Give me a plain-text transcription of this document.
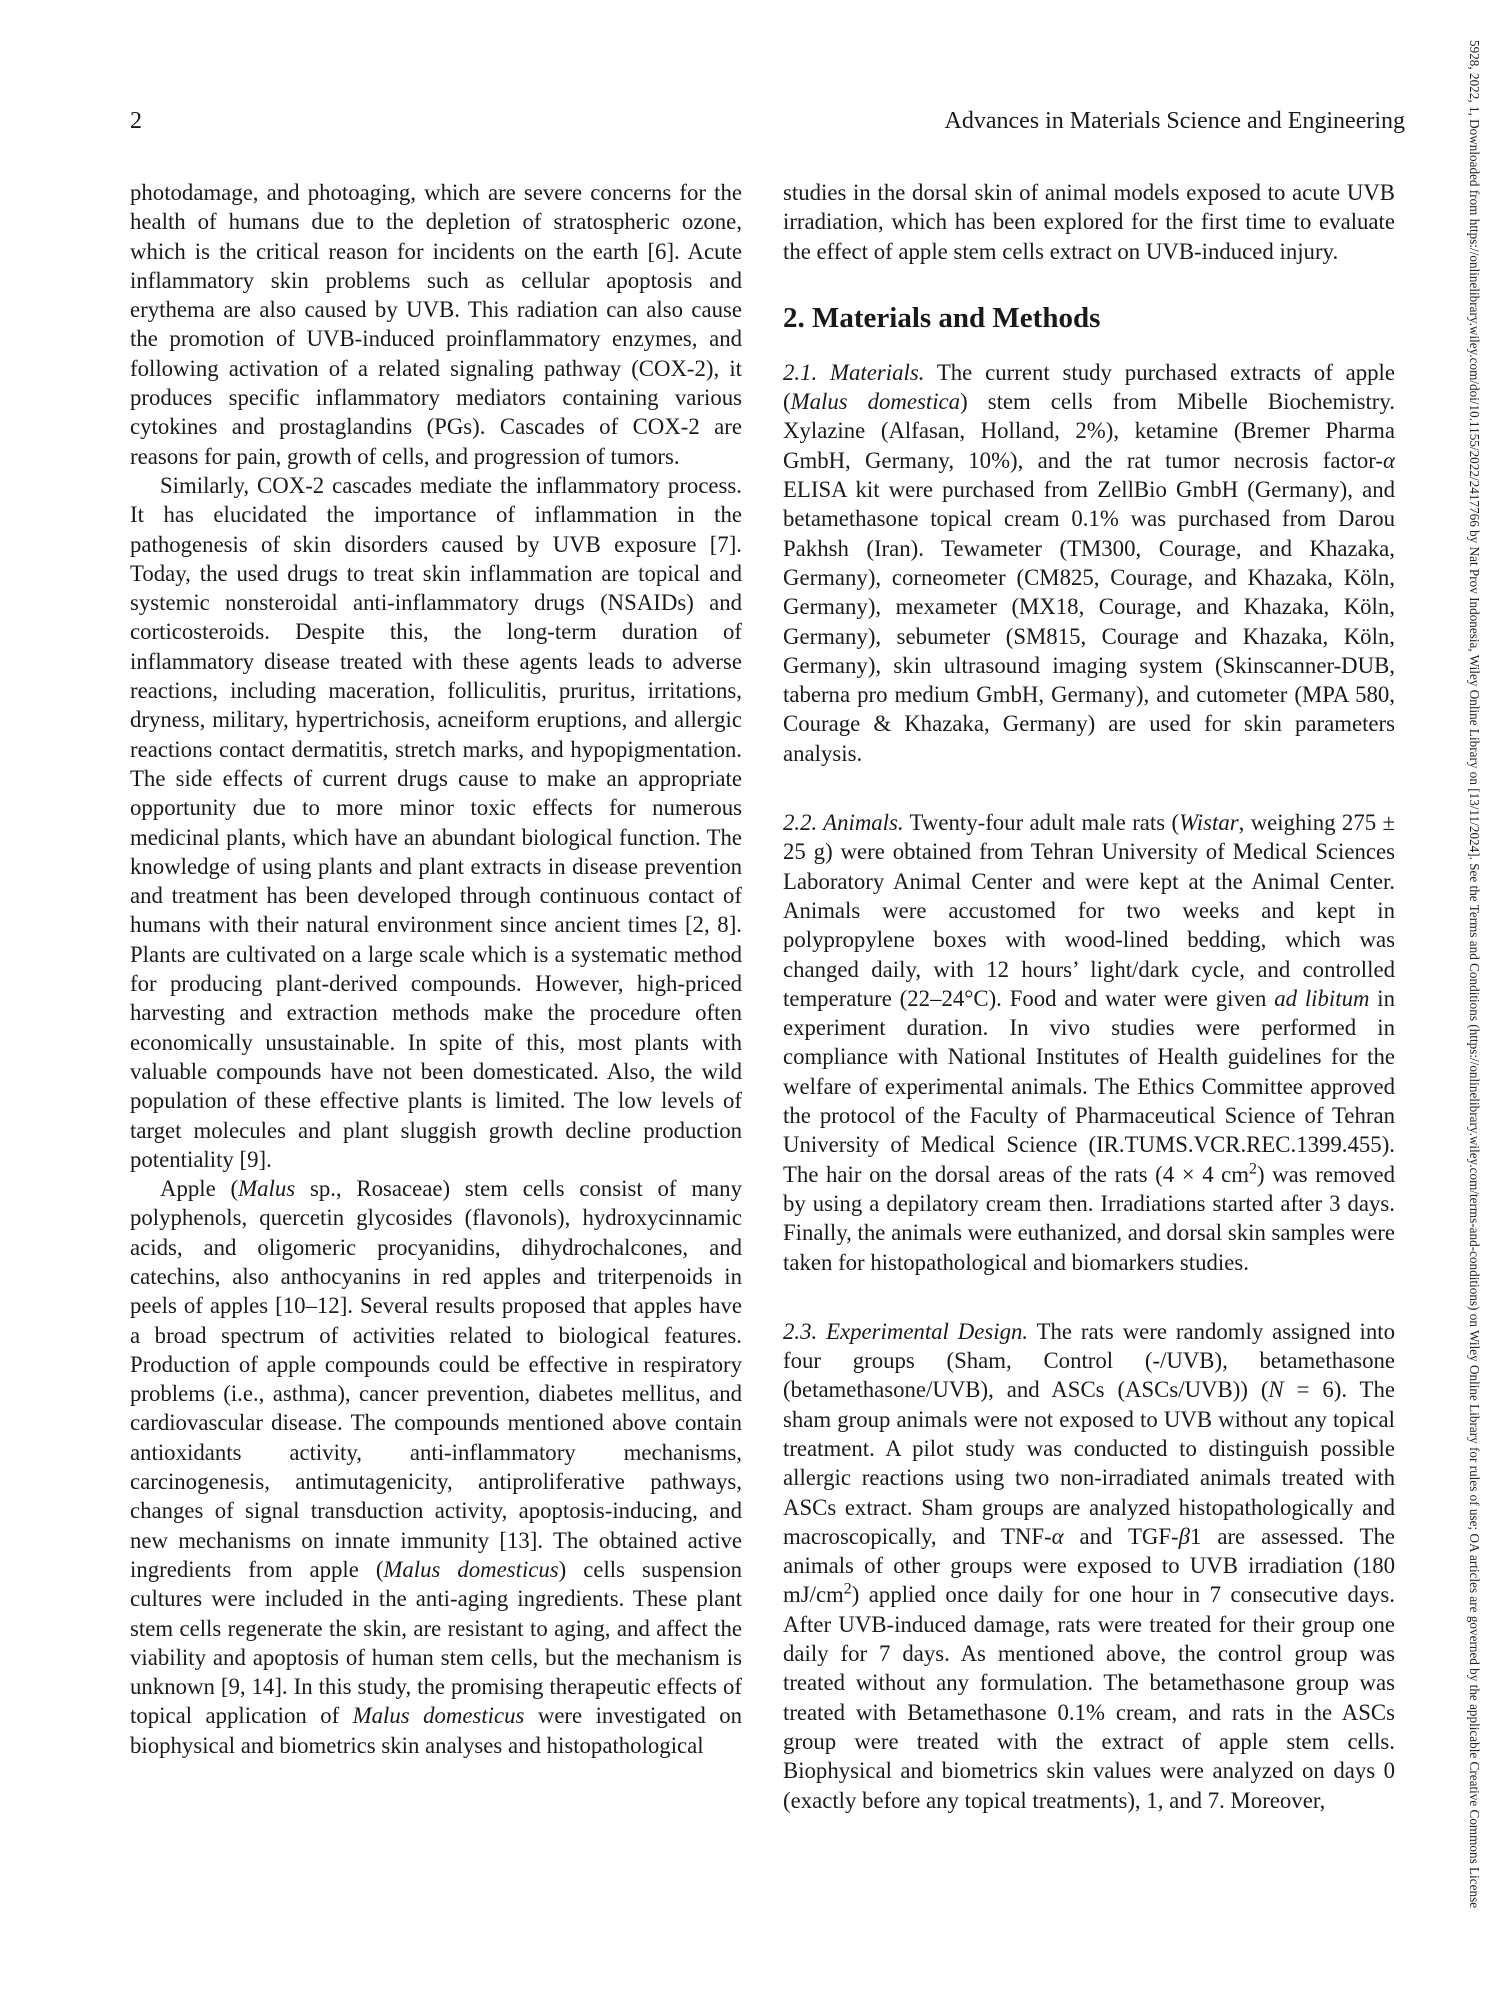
2	Advances in Materials Science and Engineering

photodamage, and photoaging, which are severe concerns for the health of humans due to the depletion of stratospheric ozone, which is the critical reason for incidents on the earth [6]. Acute inflammatory skin problems such as cellular apoptosis and erythema are also caused by UVB. This radiation can also cause the promotion of UVB-induced proinflammatory enzymes, and following activation of a related signaling pathway (COX-2), it produces specific inflammatory mediators containing various cytokines and prostaglandins (PGs). Cascades of COX-2 are reasons for pain, growth of cells, and progression of tumors.

Similarly, COX-2 cascades mediate the inflammatory process. It has elucidated the importance of inflammation in the pathogenesis of skin disorders caused by UVB exposure [7]. Today, the used drugs to treat skin inflammation are topical and systemic nonsteroidal anti-inflammatory drugs (NSAIDs) and corticosteroids. Despite this, the long-term duration of inflammatory disease treated with these agents leads to adverse reactions, including maceration, folliculitis, pruritus, irritations, dryness, military, hypertrichosis, acneiform eruptions, and allergic reactions contact dermatitis, stretch marks, and hypopigmentation. The side effects of current drugs cause to make an appropriate opportunity due to more minor toxic effects for numerous medicinal plants, which have an abundant biological function. The knowledge of using plants and plant extracts in disease prevention and treatment has been developed through continuous contact of humans with their natural environment since ancient times [2, 8]. Plants are cultivated on a large scale which is a systematic method for producing plant-derived compounds. However, high-priced harvesting and extraction methods make the procedure often economically unsustainable. In spite of this, most plants with valuable compounds have not been domesticated. Also, the wild population of these effective plants is limited. The low levels of target molecules and plant sluggish growth decline production potentiality [9].

Apple (Malus sp., Rosaceae) stem cells consist of many polyphenols, quercetin glycosides (flavonols), hydroxycinnamic acids, and oligomeric procyanidins, dihydrochalcones, and catechins, also anthocyanins in red apples and triterpenoids in peels of apples [10–12]. Several results proposed that apples have a broad spectrum of activities related to biological features. Production of apple compounds could be effective in respiratory problems (i.e., asthma), cancer prevention, diabetes mellitus, and cardiovascular disease. The compounds mentioned above contain antioxidants activity, anti-inflammatory mechanisms, carcinogenesis, antimutagenicity, antiproliferative pathways, changes of signal transduction activity, apoptosis-inducing, and new mechanisms on innate immunity [13]. The obtained active ingredients from apple (Malus domesticus) cells suspension cultures were included in the anti-aging ingredients. These plant stem cells regenerate the skin, are resistant to aging, and affect the viability and apoptosis of human stem cells, but the mechanism is unknown [9, 14]. In this study, the promising therapeutic effects of topical application of Malus domesticus were investigated on biophysical and biometrics skin analyses and histopathological

studies in the dorsal skin of animal models exposed to acute UVB irradiation, which has been explored for the first time to evaluate the effect of apple stem cells extract on UVB-induced injury.

2. Materials and Methods

2.1. Materials. The current study purchased extracts of apple (Malus domestica) stem cells from Mibelle Biochemistry. Xylazine (Alfasan, Holland, 2%), ketamine (Bremer Pharma GmbH, Germany, 10%), and the rat tumor necrosis factor-α ELISA kit were purchased from ZellBio GmbH (Germany), and betamethasone topical cream 0.1% was purchased from Darou Pakhsh (Iran). Tewameter (TM300, Courage, and Khazaka, Germany), corneometer (CM825, Courage, and Khazaka, Köln, Germany), mexameter (MX18, Courage, and Khazaka, Köln, Germany), sebumeter (SM815, Courage and Khazaka, Köln, Germany), skin ultrasound imaging system (Skinscanner-DUB, taberna pro medium GmbH, Germany), and cutometer (MPA 580, Courage & Khazaka, Germany) are used for skin parameters analysis.

2.2. Animals. Twenty-four adult male rats (Wistar, weighing 275 ± 25 g) were obtained from Tehran University of Medical Sciences Laboratory Animal Center and were kept at the Animal Center. Animals were accustomed for two weeks and kept in polypropylene boxes with wood-lined bedding, which was changed daily, with 12 hours’ light/dark cycle, and controlled temperature (22–24°C). Food and water were given ad libitum in experiment duration. In vivo studies were performed in compliance with National Institutes of Health guidelines for the welfare of experimental animals. The Ethics Committee approved the protocol of the Faculty of Pharmaceutical Science of Tehran University of Medical Science (IR.TUMS.VCR.REC.1399.455). The hair on the dorsal areas of the rats (4 × 4 $cm^2$) was removed by using a depilatory cream then. Irradiations started after 3 days. Finally, the animals were euthanized, and dorsal skin samples were taken for histopathological and biomarkers studies.

2.3. Experimental Design. The rats were randomly assigned into four groups (Sham, Control (-/UVB), betamethasone (betamethasone/UVB), and ASCs (ASCs/UVB)) (N = 6). The sham group animals were not exposed to UVB without any topical treatment. A pilot study was conducted to distinguish possible allergic reactions using two non-irradiated animals treated with ASCs extract. Sham groups are analyzed histopathologically and macroscopically, and TNF-α and TGF-β1 are assessed. The animals of other groups were exposed to UVB irradiation (180 $mJ/cm^2$) applied once daily for one hour in 7 consecutive days. After UVB-induced damage, rats were treated for their group one daily for 7 days. As mentioned above, the control group was treated without any formulation. The betamethasone group was treated with Betamethasone 0.1% cream, and rats in the ASCs group were treated with the extract of apple stem cells. Biophysical and biometrics skin values were analyzed on days 0 (exactly before any topical treatments), 1, and 7. Moreover,	5928, 2022, 1, Downloaded from https://onlinelibrary.wiley.com/doi/10.1155/2022/2417766 by Nat Prov Indonesia, Wiley Online Library on [13/11/2024]. See the Terms and Conditions (https://onlinelibrary.wiley.com/terms-and-conditions) on Wiley Online Library for rules of use; OA articles are governed by the applicable Creative Commons License
